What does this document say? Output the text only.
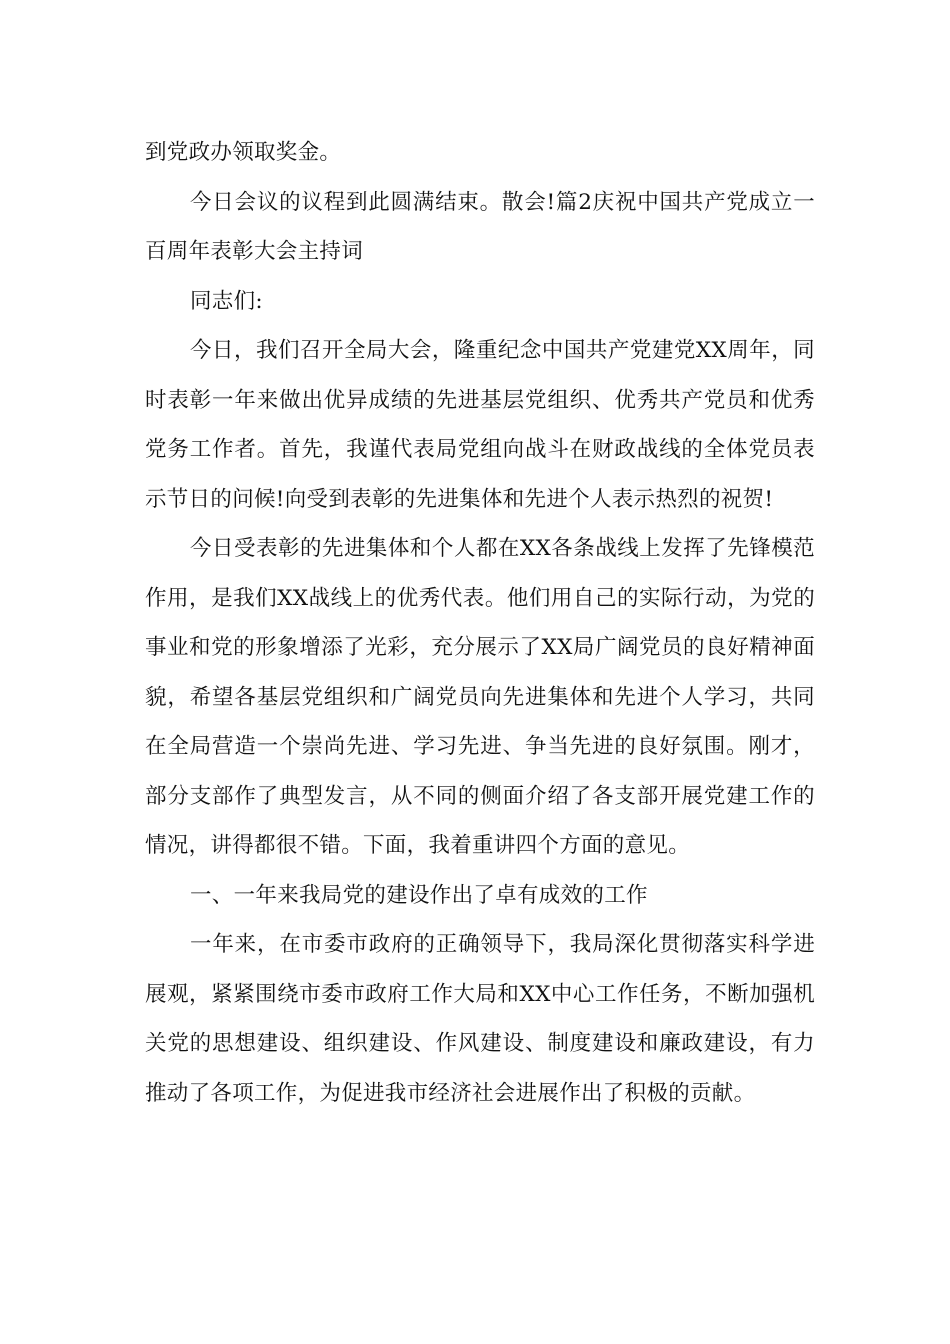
到党政办领取奖金。

今日会议的议程到此圆满结束。散会!篇2庆祝中国共产党成立一百周年表彰大会主持词

同志们:

今日，我们召开全局大会，隆重纪念中国共产党建党XX周年，同时表彰一年来做出优异成绩的先进基层党组织、优秀共产党员和优秀党务工作者。首先，我谨代表局党组向战斗在财政战线的全体党员表示节日的问候!向受到表彰的先进集体和先进个人表示热烈的祝贺!

今日受表彰的先进集体和个人都在XX各条战线上发挥了先锋模范作用，是我们XX战线上的优秀代表。他们用自己的实际行动，为党的事业和党的形象增添了光彩，充分展示了XX局广阔党员的良好精神面貌，希望各基层党组织和广阔党员向先进集体和先进个人学习，共同在全局营造一个崇尚先进、学习先进、争当先进的良好氛围。刚才，部分支部作了典型发言，从不同的侧面介绍了各支部开展党建工作的情况，讲得都很不错。下面，我着重讲四个方面的意见。

一、一年来我局党的建设作出了卓有成效的工作

一年来，在市委市政府的正确领导下，我局深化贯彻落实科学进展观，紧紧围绕市委市政府工作大局和XX中心工作任务，不断加强机关党的思想建设、组织建设、作风建设、制度建设和廉政建设，有力推动了各项工作，为促进我市经济社会进展作出了积极的贡献。
